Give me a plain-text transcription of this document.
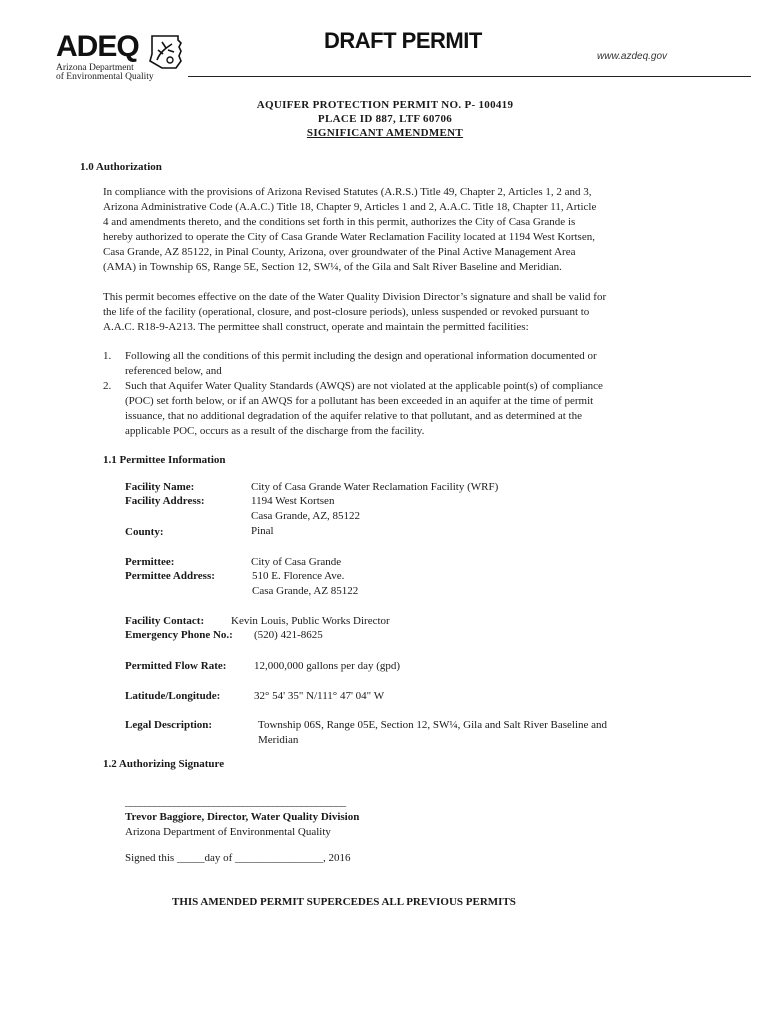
ADEQ
Arizona Department
of Environmental Quality
DRAFT PERMIT
www.azdeq.gov
AQUIFER PROTECTION PERMIT NO. P- 100419
PLACE ID 887, LTF 60706
SIGNIFICANT AMENDMENT
1.0 Authorization
In compliance with the provisions of Arizona Revised Statutes (A.R.S.) Title 49, Chapter 2, Articles 1, 2 and 3,
Arizona Administrative Code (A.A.C.) Title 18, Chapter 9, Articles 1 and 2, A.A.C. Title 18, Chapter 11, Article
4 and amendments thereto, and the conditions set forth in this permit, authorizes the City of Casa Grande is
hereby authorized to operate the City of Casa Grande Water Reclamation Facility located at 1194 West Kortsen,
Casa Grande, AZ 85122, in Pinal County, Arizona, over groundwater of the Pinal Active Management Area
(AMA) in Township 6S, Range 5E, Section 12, SW¼, of the Gila and Salt River Baseline and Meridian.
This permit becomes effective on the date of the Water Quality Division Director’s signature and shall be valid for
the life of the facility (operational, closure, and post-closure periods), unless suspended or revoked pursuant to
A.A.C. R18-9-A213. The permittee shall construct, operate and maintain the permitted facilities:
1. Following all the conditions of this permit including the design and operational information documented or
referenced below, and
2. Such that Aquifer Water Quality Standards (AWQS) are not violated at the applicable point(s) of compliance
(POC) set forth below, or if an AWQS for a pollutant has been exceeded in an aquifer at the time of permit
issuance, that no additional degradation of the aquifer relative to that pollutant, and as determined at the
applicable POC, occurs as a result of the discharge from the facility.
1.1 Permittee Information
Facility Name:	City of Casa Grande Water Reclamation Facility (WRF)
Facility Address:	1194 West Kortsen
Casa Grande, AZ, 85122
County:	Pinal
Permittee:	City of Casa Grande
Permittee Address:	510 E. Florence Ave.
Casa Grande, AZ 85122
Facility Contact: Kevin Louis, Public Works Director
Emergency Phone No.: (520) 421-8625
Permitted Flow Rate:	12,000,000 gallons per day (gpd)
Latitude/Longitude:	32° 54' 35" N/111° 47' 04" W
Legal Description:	Township 06S, Range 05E, Section 12, SW¼, Gila and Salt River Baseline and
Meridian
1.2 Authorizing Signature
_____________________________________________
Trevor Baggiore, Director, Water Quality Division
Arizona Department of Environmental Quality
Signed this _____day of ________________, 2016
THIS AMENDED PERMIT SUPERCEDES ALL PREVIOUS PERMITS
